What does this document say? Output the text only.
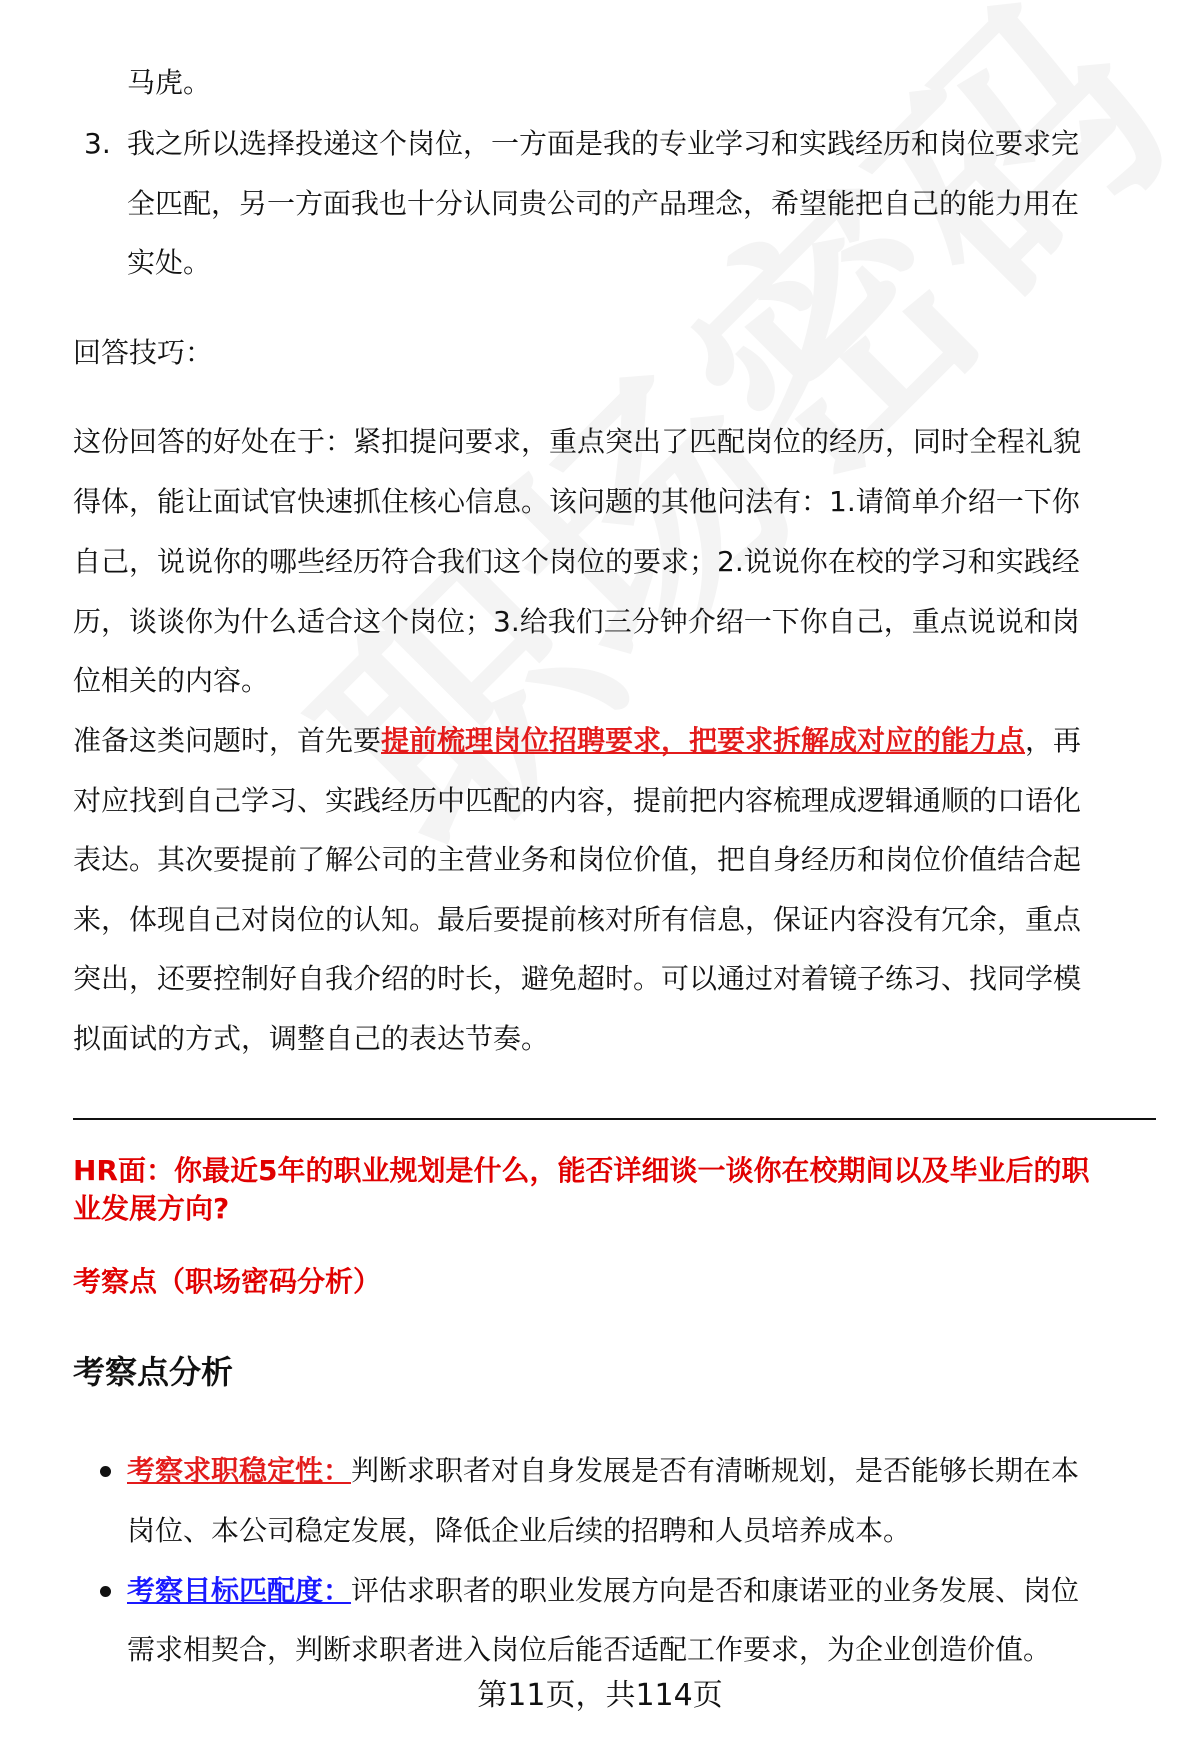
马虎。
3. 我之所以选择投递这个岗位，一方面是我的专业学习和实践经历和岗位要求完
全匹配，另一方面我也十分认同贵公司的产品理念，希望能把自己的能力用在
实处。
回答技巧：
这份回答的好处在于：紧扣提问要求，重点突出了匹配岗位的经历，同时全程礼貌
得体，能让面试官快速抓住核心信息。该问题的其他问法有：1.请简单介绍一下你
自己，说说你的哪些经历符合我们这个岗位的要求；2.说说你在校的学习和实践经
历，谈谈你为什么适合这个岗位；3.给我们三分钟介绍一下你自己，重点说说和岗
位相关的内容。
准备这类问题时，首先要提前梳理岗位招聘要求，把要求拆解成对应的能力点，再
对应找到自己学习、实践经历中匹配的内容，提前把内容梳理成逻辑通顺的口语化
表达。其次要提前了解公司的主营业务和岗位价值，把自身经历和岗位价值结合起
来，体现自己对岗位的认知。最后要提前核对所有信息，保证内容没有冗余，重点
突出，还要控制好自我介绍的时长，避免超时。可以通过对着镜子练习、找同学模
拟面试的方式，调整自己的表达节奏。
HR面：你最近5年的职业规划是什么，能否详细谈一谈你在校期间以及毕业后的职
业发展方向?
考察点（职场密码分析）
考察点分析
考察求职稳定性：判断求职者对自身发展是否有清晰规划，是否能够长期在本
岗位、本公司稳定发展，降低企业后续的招聘和人员培养成本。
考察目标匹配度：评估求职者的职业发展方向是否和康诺亚的业务发展、岗位
需求相契合，判断求职者进入岗位后能否适配工作要求，为企业创造价值。
第11页，共114页
